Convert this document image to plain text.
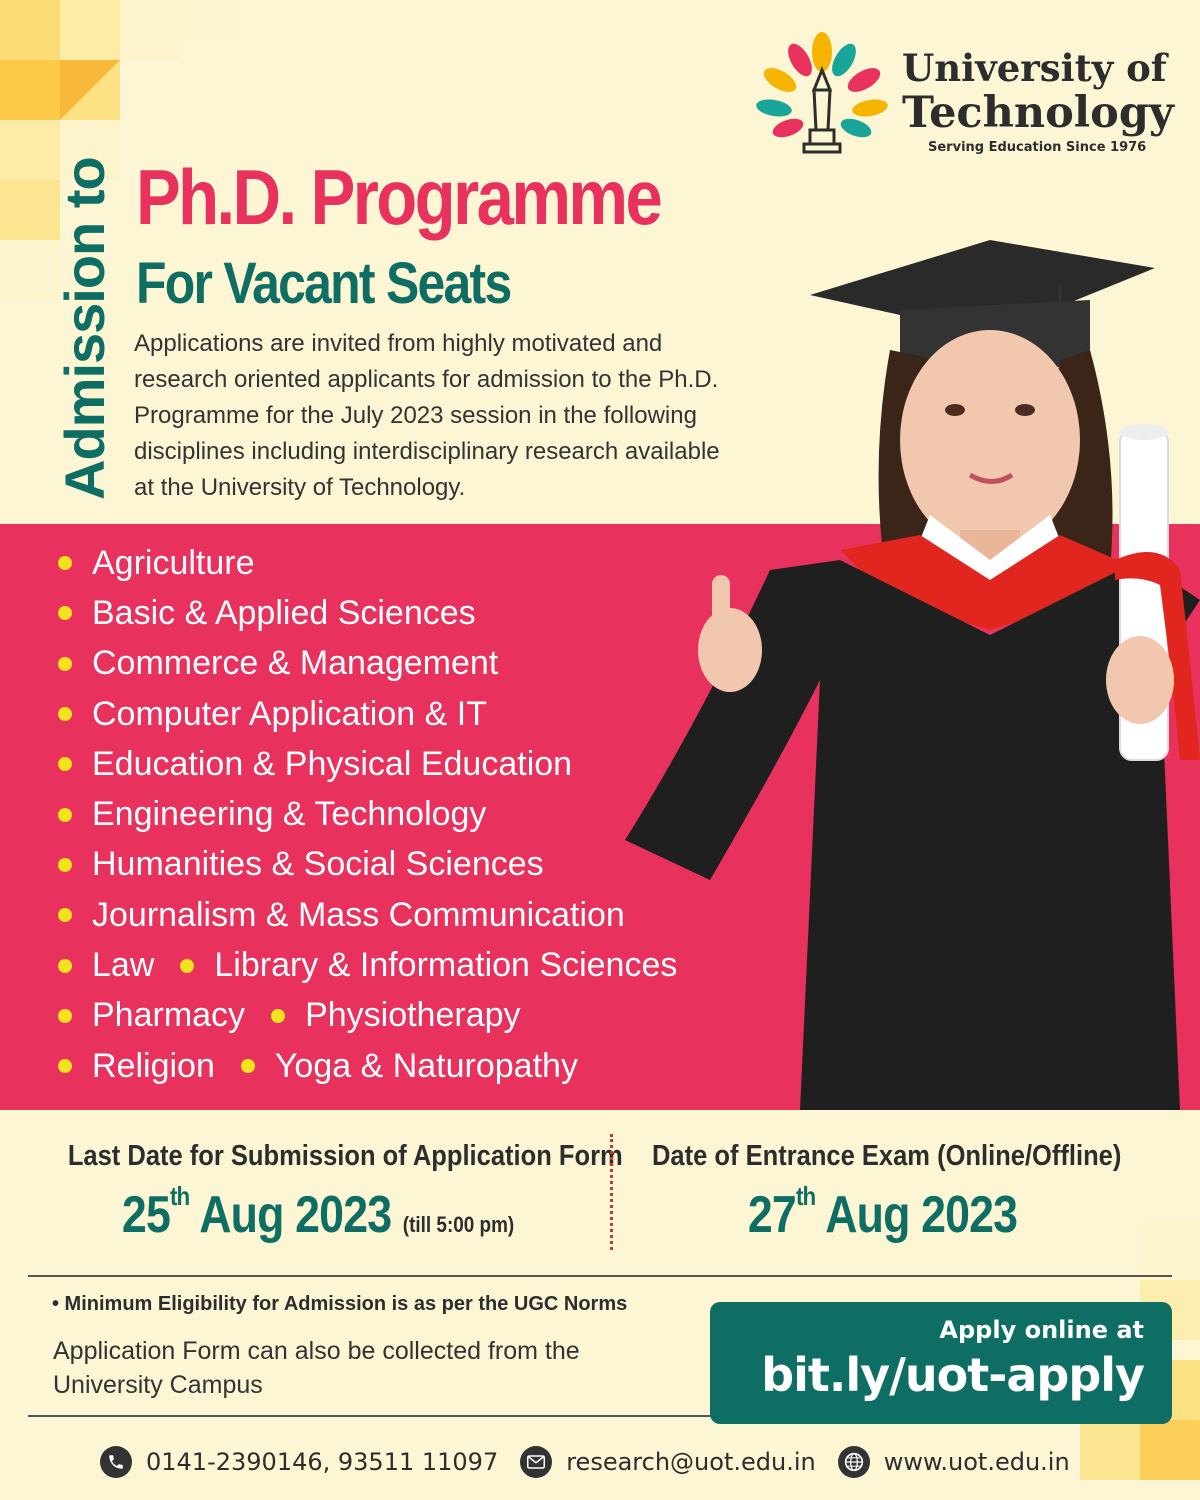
University of
Technology
Serving Education Since 1976
Admission to Ph.D. Programme
For Vacant Seats
Applications are invited from highly motivated and research oriented applicants for admission to the Ph.D. Programme for the July 2023 session in the following disciplines including interdisciplinary research available at the University of Technology.
Agriculture
Basic & Applied Sciences
Commerce & Management
Computer Application & IT
Education & Physical Education
Engineering & Technology
Humanities & Social Sciences
Journalism & Mass Communication
Law Library & Information Sciences
Pharmacy Physiotherapy
Religion Yoga & Naturopathy
Last Date for Submission of Application Form
25th Aug 2023 (till 5:00 pm)
Date of Entrance Exam (Online/Offline)
27th Aug 2023
• Minimum Eligibility for Admission is as per the UGC Norms
Application Form can also be collected from the University Campus
Apply online at
bit.ly/uot-apply
0141-2390146, 93511 11097	research@uot.edu.in	www.uot.edu.in
